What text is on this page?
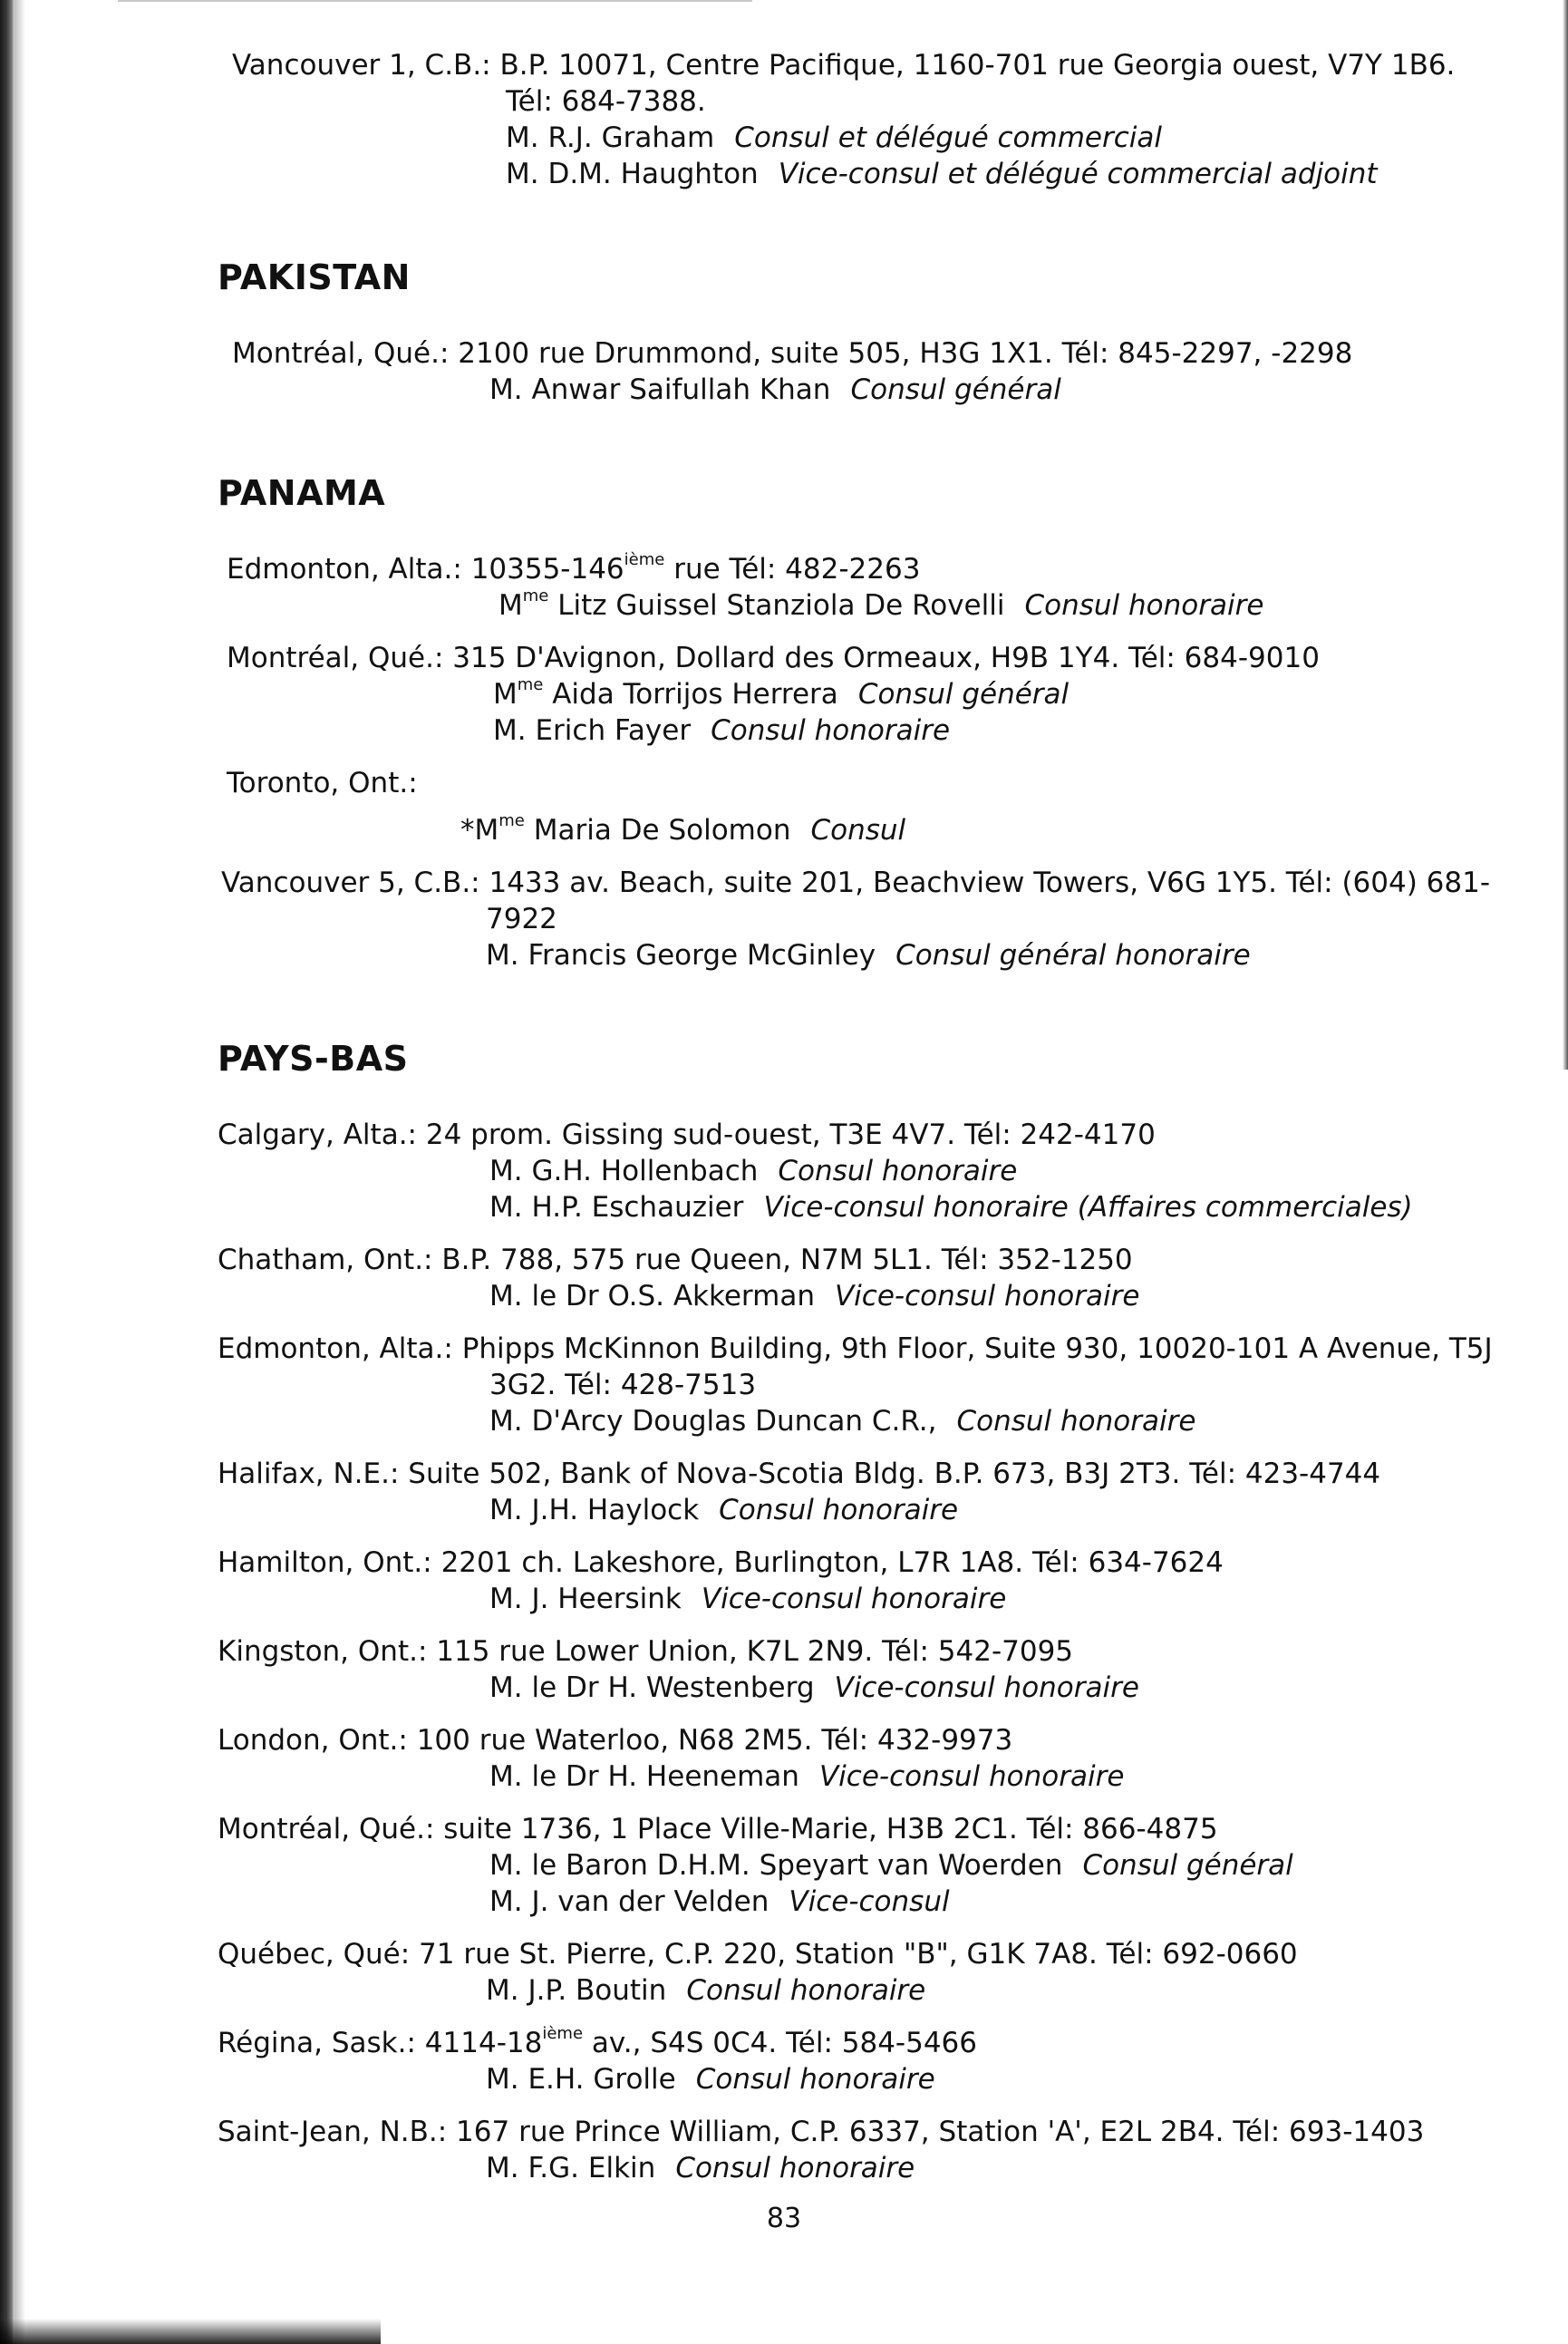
Vancouver 1, C.B.: B.P. 10071, Centre Pacifique, 1160-701 rue Georgia ouest, V7Y 1B6.
Tél: 684-7388.
M. R.J. Graham Consul et délégué commercial
M. D.M. Haughton Vice-consul et délégué commercial adjoint
PAKISTAN
Montréal, Qué.: 2100 rue Drummond, suite 505, H3G 1X1. Tél: 845-2297, -2298
M. Anwar Saifullah Khan Consul général
PANAMA
Edmonton, Alta.: 10355-146ième rue Tél: 482-2263
$M^{me}$ Litz Guissel Stanziola De Rovelli Consul honoraire
Montréal, Qué.: 315 D'Avignon, Dollard des Ormeaux, H9B 1Y4. Tél: 684-9010
$M^{me}$ Aida Torrijos Herrera Consul général
M. Erich Fayer Consul honoraire
Toronto, Ont.:
$*M^{me}$ Maria De Solomon Consul
Vancouver 5, C.B.: 1433 av. Beach, suite 201, Beachview Towers, V6G 1Y5. Tél: (604) 681-
7922
M. Francis George McGinley Consul général honoraire
PAYS-BAS
Calgary, Alta.: 24 prom. Gissing sud-ouest, T3E 4V7. Tél: 242-4170
M. G.H. Hollenbach Consul honoraire
M. H.P. Eschauzier Vice-consul honoraire (Affaires commerciales)
Chatham, Ont.: B.P. 788, 575 rue Queen, N7M 5L1. Tél: 352-1250
M. le Dr O.S. Akkerman Vice-consul honoraire
Edmonton, Alta.: Phipps McKinnon Building, 9th Floor, Suite 930, 10020-101 A Avenue, T5J
3G2. Tél: 428-7513
M. D'Arcy Douglas Duncan C.R., Consul honoraire
Halifax, N.E.: Suite 502, Bank of Nova-Scotia Bldg. B.P. 673, B3J 2T3. Tél: 423-4744
M. J.H. Haylock Consul honoraire
Hamilton, Ont.: 2201 ch. Lakeshore, Burlington, L7R 1A8. Tél: 634-7624
M. J. Heersink Vice-consul honoraire
Kingston, Ont.: 115 rue Lower Union, K7L 2N9. Tél: 542-7095
M. le Dr H. Westenberg Vice-consul honoraire
London, Ont.: 100 rue Waterloo, N68 2M5. Tél: 432-9973
M. le Dr H. Heeneman Vice-consul honoraire
Montréal, Qué.: suite 1736, 1 Place Ville-Marie, H3B 2C1. Tél: 866-4875
M. le Baron D.H.M. Speyart van Woerden Consul général
M. J. van der Velden Vice-consul
Québec, Qué: 71 rue St. Pierre, C.P. 220, Station "B", G1K 7A8. Tél: 692-0660
M. J.P. Boutin Consul honoraire
Régina, Sask.: 4114-18ième av., S4S 0C4. Tél: 584-5466
M. E.H. Grolle Consul honoraire
Saint-Jean, N.B.: 167 rue Prince William, C.P. 6337, Station 'A', E2L 2B4. Tél: 693-1403
M. F.G. Elkin Consul honoraire
83
